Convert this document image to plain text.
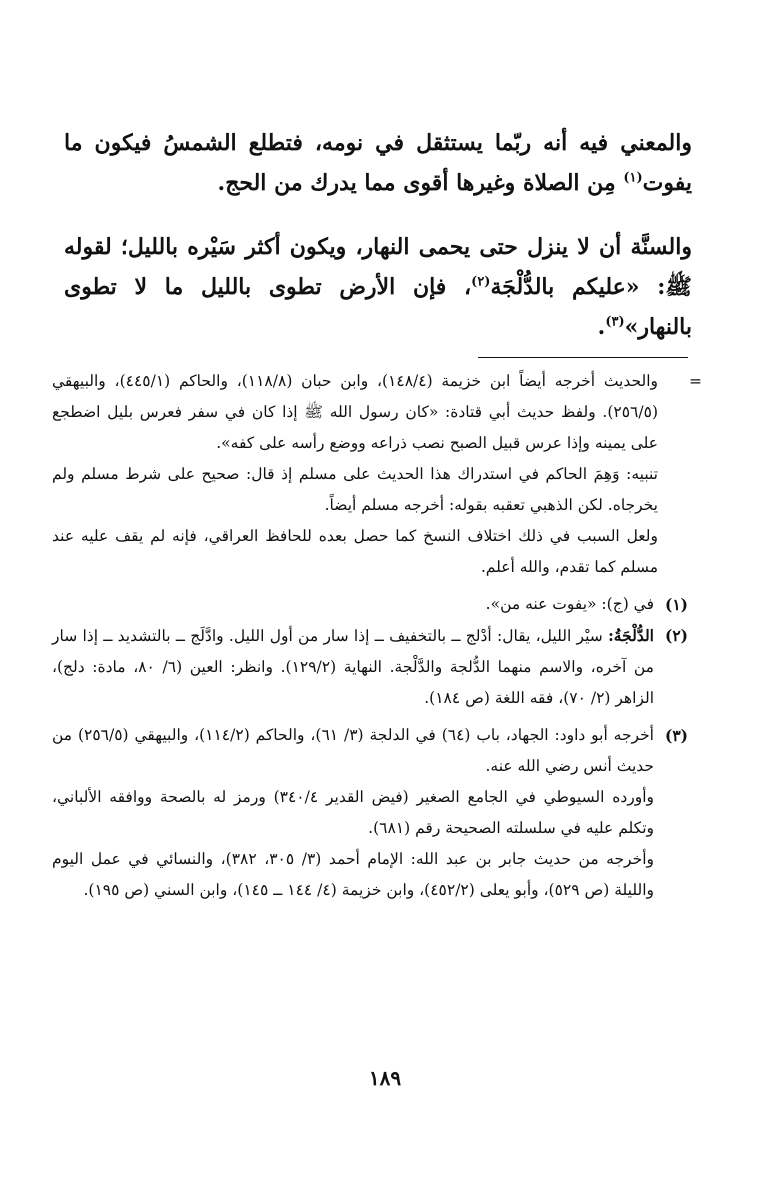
والمعني فيه أنه ربّما يستثقل في نومه، فتطلع الشمسُ فيكون ما يفوت$^{(١)}$ مِن الصلاة وغيرها أقوى مما يدرك من الحج.

والسنَّة أن لا ينزل حتى يحمى النهار، ويكون أكثر سَيْره بالليل؛ لقوله ﷺ: «عليكم بالدُّلْجَة$^{(٢)}$، فإن الأرض تطوى بالليل ما لا تطوى بالنهار»$^{(٣)}$.

=

والحديث أخرجه أيضاً ابن خزيمة (١٤٨/٤)، وابن حبان (١١٨/٨)، والحاكم (٤٤٥/١)، والبيهقي (٢٥٦/٥). ولفظ حديث أبي قتادة: «كان رسول الله ﷺ إذا كان في سفر فعرس بليل اضطجع على يمينه وإذا عرس قبيل الصبح نصب ذراعه ووضع رأسه على كفه».

تنبيه: وَهِمَ الحاكم في استدراك هذا الحديث على مسلم إذ قال: صحيح على شرط مسلم ولم يخرجاه. لكن الذهبي تعقبه بقوله: أخرجه مسلم أيضاً.

ولعل السبب في ذلك اختلاف النسخ كما حصل بعده للحافظ العراقي، فإنه لم يقف عليه عند مسلم كما تقدم، والله أعلم.

(١)

في (ج): «يفوت عنه من».

(٢)

الدُّلْجَةُ: سيْر الليل، يقال: أدْلج ــ بالتخفيف ــ إذا سار من أول الليل. وادَّلَج ــ بالتشديد ــ إذا سار من آخره، والاسم منهما الدُّلجة والدَّلْجة. النهاية (١٢٩/٢). وانظر: العين (٦/ ٨٠، مادة: دلج)، الزاهر (٢/ ٧٠)، فقه اللغة (ص ١٨٤).

(٣)

أخرجه أبو داود: الجهاد، باب (٦٤) في الدلجة (٣/ ٦١)، والحاكم (١١٤/٢)، والبيهقي (٢٥٦/٥) من حديث أنس رضي الله عنه.

وأورده السيوطي في الجامع الصغير (فيض القدير ٣٤٠/٤) ورمز له بالصحة ووافقه الألباني، وتكلم عليه في سلسلته الصحيحة رقم (٦٨١).

وأخرجه من حديث جابر بن عبد الله: الإمام أحمد (٣/ ٣٠٥، ٣٨٢)، والنسائي في عمل اليوم والليلة (ص ٥٢٩)، وأبو يعلى (٤٥٢/٢)، وابن خزيمة (٤/ ١٤٤ ــ ١٤٥)، وابن السني (ص ١٩٥).

١٨٩
